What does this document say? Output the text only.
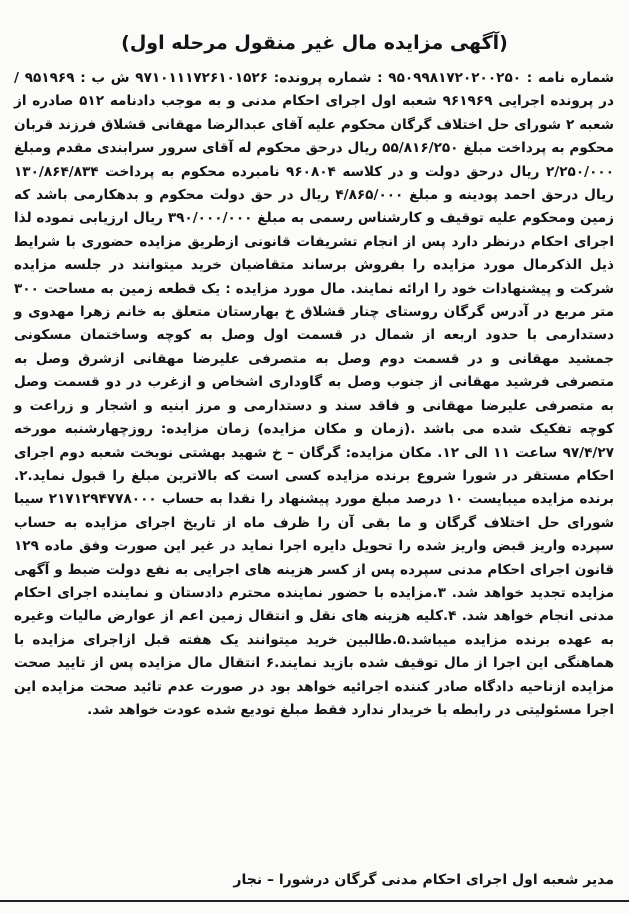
(آگهی مزایده مال غیر منقول مرحله اول)

شماره نامه : ۹۵۰۹۹۸۱۷۲۰۲۰۰۲۵۰ : شماره پرونده: ۹۷۱۰۱۱۱۷۲۶۱۰۱۵۲۶ ش ب : ۹۵۱۹۶۹ / در پرونده اجرایی ۹۶۱۹۶۹ شعبه اول اجرای احکام مدنی و به موجب دادنامه ۵۱۲ صادره از شعبه ۲ شورای حل اختلاف گرگان محکوم علیه آقای عبدالرضا مهقانی قشلاق فرزند قربان محکوم به پرداخت مبلغ ۵۵/۸۱۶/۲۵۰ ریال درحق محکوم له آقای سرور سرابندی مقدم ومبلغ ۲/۲۵۰/۰۰۰ ریال درحق دولت و در کلاسه ۹۶۰۸۰۴ نامبرده محکوم به پرداخت ۱۳۰/۸۶۴/۸۳۴ ریال درحق احمد پودینه و مبلغ ۴/۸۶۵/۰۰۰ ریال در حق دولت محکوم و بدهکارمی باشد که زمین ومحکوم علیه توقیف و کارشناس رسمی به مبلغ ۳۹۰/۰۰۰/۰۰۰ ریال ارزیابی نموده لذا اجرای احکام درنظر دارد پس از انجام تشریفات قانونی ازطریق مزایده حضوری با شرایط ذیل الذکرمال مورد مزایده را بفروش برساند متقاضیان خرید میتوانند در جلسه مزایده شرکت و پیشنهادات خود را ارائه نمایند. مال مورد مزایده : یک قطعه زمین به مساحت ۳۰۰ متر مربع در آدرس گرگان روستای چنار قشلاق خ بهارستان متعلق به خانم زهرا مهدوی و دستدارمی با حدود اربعه از شمال در قسمت اول وصل به کوچه وساختمان مسکونی جمشید مهقانی و در قسمت دوم وصل به متصرفی علیرضا مهقانی ازشرق وصل به متصرفی فرشید مهقانی از جنوب وصل به گاوداری اشخاص و ازغرب در دو قسمت وصل به متصرفی علیرضا مهقانی و فاقد سند و دستدارمی و مرز ابنیه و اشجار و زراعت و کوچه تفکیک شده می باشد .(زمان و مکان مزایده) زمان مزایده: روزچهارشنبه مورخه ۹۷/۴/۲۷ ساعت ۱۱ الی ۱۲. مکان مزایده: گرگان – خ شهید بهشتی نوبخت شعبه دوم اجرای احکام مستقر در شورا شروع برنده مزایده کسی است که بالاترین مبلغ را قبول نماید.۲. برنده مزایده میبایست ۱۰ درصد مبلغ مورد پیشنهاد را نقدا به حساب ۲۱۷۱۲۹۴۷۷۸۰۰۰ سیبا شورای حل اختلاف گرگان و ما بقی آن را ظرف ماه از تاریخ اجرای مزایده به حساب سپرده واریز قبض واریز شده را تحویل دایره اجرا نماید در غیر این صورت وفق ماده ۱۲۹ قانون اجرای احکام مدنی سپرده پس از کسر هزینه های اجرایی به نفع دولت ضبط و آگهی مزایده تجدید خواهد شد. ۳.مزایده با حضور نماینده محترم دادستان و نماینده اجرای احکام مدنی انجام خواهد شد. ۴.کلیه هزینه های نقل و انتقال زمین اعم از عوارض مالیات وغیره به عهده برنده مزایده میباشد.۵.طالبین خرید میتوانند یک هفته قبل ازاجرای مزایده با هماهنگی این اجرا از مال توقیف شده بازید نمایند.۶ انتقال مال مزایده پس از تایید صحت مزایده ازناحیه دادگاه صادر کننده اجرائیه خواهد بود در صورت عدم تائید صحت مزایده این اجرا مسئولیتی در رابطه با خریدار ندارد فقط مبلغ تودیع شده عودت خواهد شد.

مدیر شعبه اول اجرای احکام مدنی گرگان درشورا – نجار
